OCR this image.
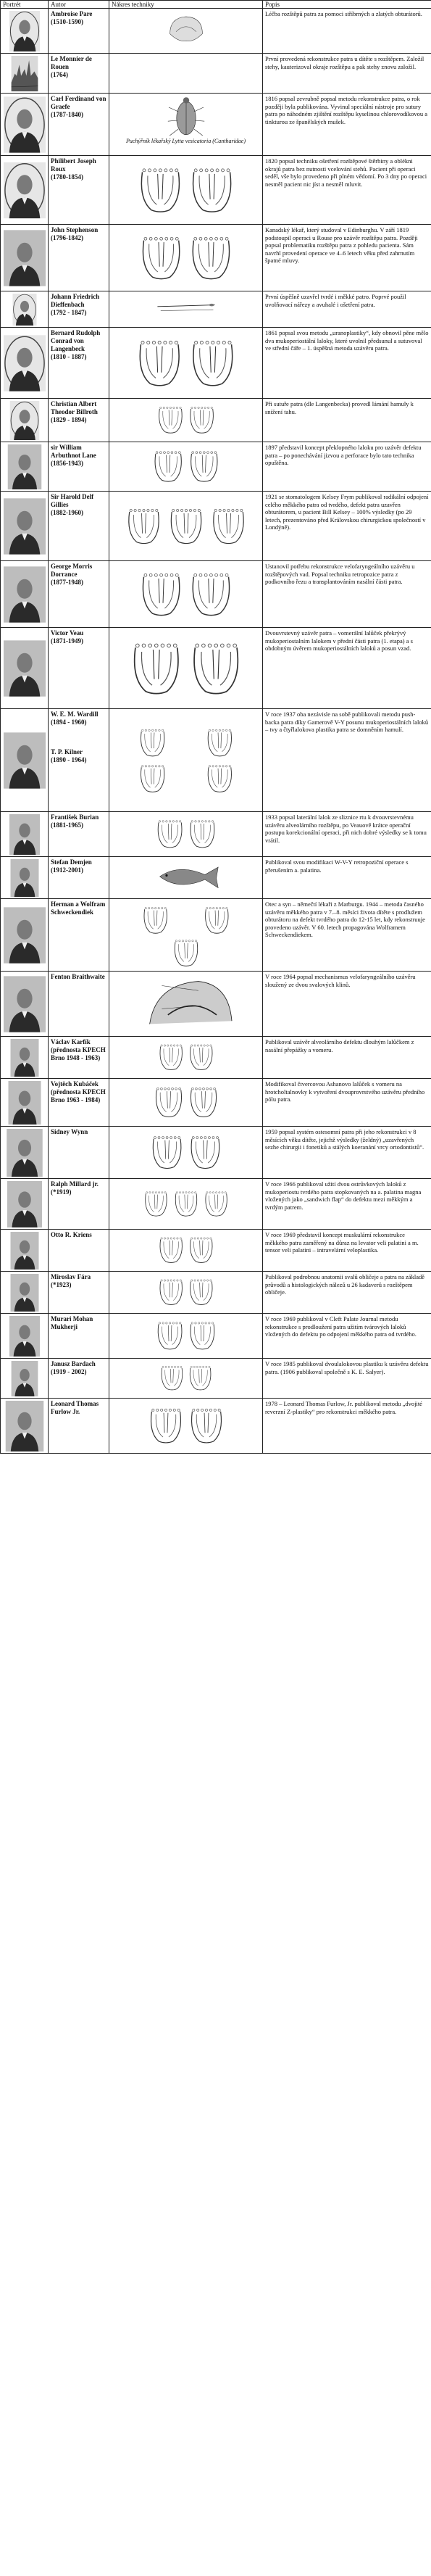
Portrét	Autor	Nákres techniky	Popis

Ambroise Pare
(1510-1590)		Léčba rozštěpů patra za pomoci stříbrných a zlatých obturátorů.

Le Monnier de Rouen
(1764)		První provedená rekonstrukce patra u dítěte s rozštěpem. Založil stehy, kauterizoval okraje rozštěpu a pak stehy znovu založil.

Carl Ferdinand von Graefe
(1787-1840)	Puchýřník lékařský Lytta vesicatoria (Cantharidae)	1816 popsal zevrubně popsal metodu rekonstrukce patra, o rok později byla publikována. Vyvinul speciální nástroje pro sutury patra po náhodném zjištění rozštěpu kyselinou chlorovodíkovou a tinkturou ze španělských mušek.

Philibert Joseph Roux
(1780-1854)		1820 popsal techniku ošetření rozštěpové štěrbiny a oblékni okrajů patra bez nutnosti vcelování stehů. Pacient při operaci seděl, vše bylo provedeno při plném vědomí. Po 3 dny po operaci nesměl pacient nic jíst a nesměl mluvit.

John Stephenson
(1796-1842)		Kanadský lékař, který studoval v Edinburghu. V září 1819 podstoupil operaci u Rouse pro uzávěr rozštěpu patra. Později popsal problematiku rozštěpu patra z pohledu pacienta. Sám navrhl provedení operace ve 4–6 letech věku před zahrnutím špatné mluvy.

Johann Friedrich Dieffenbach
(1792 - 1847)		První úspěšně uzavřel tvrdé i měkké patro. Poprvé použil uvolňovací nářezy a avuhalé i ošetření patra.

Bernard Rudolph Conrad von Langenbeck
(1810 - 1887)		1861 popsal svou metodu „uranoplastiky“, kdy obnovil pěne mělo dva mukoperiostální laloky, které uvolnil předsunul a sutuvoval ve střední čáře – 1. úspěšná metoda uzávěru patra.

Christian Albert Theodor Billroth
(1829 - 1894)		Při sutuře patra (dle Langenbecka) provedl lámání hamuly k snížení tahu.

sir William Arbuthnot Lane
(1856-1943)		1897 představil koncept překlopného laloku pro uzávěr defektu patra – po ponechávání jizvou a perforace bylo tato technika opuštěna.

Sir Harold Delf Gillies
(1882-1960)		1921 se stomatologem Kelsey Frym publikoval radikální odpojení celého měkkého patra od tvrdého, defekt patra uzavřen obturátorem, u pacient Bill Kelsey – 100% výsledky (po 29 letech, prezentováno před Královskou chirurgickou společností v Londýně).

George Morris Dorrance
(1877-1948)		Ustanovil potřebu rekonstrukce velofaryngeálního uzávěru u rozštěpových vad. Popsal techniku retropozice patra z podkovního řezu a transplantováním nasální části patra.

Victor Veau
(1871-1949)		Dvouvrstevný uzávěr patra – vomerální lalůček překrývý mukoperiostalním lalokem v přední části patra (1. etapa) a s obdobným úvěrem mukoperiostálních laloků a posun vzad.

W. E. M. Wardill
(1894 - 1960)
T. P. Kilner
(1890 - 1964)		V roce 1937 oba nezávisle na sobě publikovali metodu push-backa patra díky Gamerově V-Y posunu mukoperiostálních laloků – tvy a čtyřlalokova plastika patra se domněním hamulí.

František Burian
(1881-1965)		1933 popsal laterální lalok ze sliznice rtu k dvouvrstevnému uzávěru alveolárního rozštěpu, po Veauově krátce operační postupu korekcionální operaci, při nich dobré výsledky se k tomu vrátil.

Stefan Demjen
(1912-2001)		Publikoval svou modifikaci W-V-Y retropoziční operace s přerušením a. palatina.

Herman a Wolfram Schweckendiek		Otec a syn – němečtí lékaři z Marburgu. 1944 – metoda časného uzávěru měkkého patra v 7.–8. měsíci života dítěte s prodlužem obturátoru na defekt tvrdého patra do 12-15 let, kdy rekonstruuje provedeno uzávěr. V 60. letech propagována Wolframem Schweckendiekem.

Fenton Braithwaite		V roce 1964 popsal mechanismus velofaryngeálního uzávěru sloužený ze dvou svalových klinů.

Václav Karfík (přednosta KPECH Brno 1948 - 1963)		Publikoval uzávěr alveolárního defektu dlouhým lalůčkem z nasální přepážky a vomeru.

Vojtěch Kubáček (přednosta KPECH Brno 1963 - 1984)		Modifikoval čtvercovou Ashanovo lalůček s vomeru na hrotcholtalnovky k vytvoření dvouprovrstvého uzávěru předního pólu patra.

Sidney Wynn		1959 popsal systém ostesomní patra při jeho rekonstrukci v 8 měsících věku dítěte, jejichž výsledky (želdný) „uzavřených sezhe chirurgii i fonetiků a stálých koeranání vrcy ortodontistů“.

Ralph Millard jr.
(*1919)		V roce 1966 publikoval užití dvou ostrůvkových laloků z mukoperiostu tvrdého patra stopkovaných na a. palatina magna vložených jako „sandwich flap“ do defektu mezi měkkým a tvrdým patrem.

Otto R. Kriens		V roce 1969 představil koncept muskulární rekonstrukce měkkého patra zaměřený na důraz na levator veli palatini a m. tensor veli palatini – intravelární veloplastika.

Miroslav Fára (*1923)		Publikoval podrobnou anatomii svalů obličeje a patra na základě průvodů a histologických nálezů u 26 kadaverů s rozštěpem obličeje.

Murari Mohan Mukherji		V roce 1969 publikoval v Cleft Palate Journal metodu rekonstrukce s prodloužení patra užitím tvárových laloků vložených do defektu po odpojení měkkého patra od tvrdého.

Janusz Bardach
(1919 - 2002)		V roce 1985 publikoval dvoulalokovou plastiku k uzávěru defektu patra. (1906 publikoval společně s K. E. Salyer).

Leonard Thomas Furlow Jr.		1978 – Leonard Thomas Furlow, Jr. publikoval metodu „dvojité reverzní Z-plastiky“ pro rekonstrukci měkkého patra.
